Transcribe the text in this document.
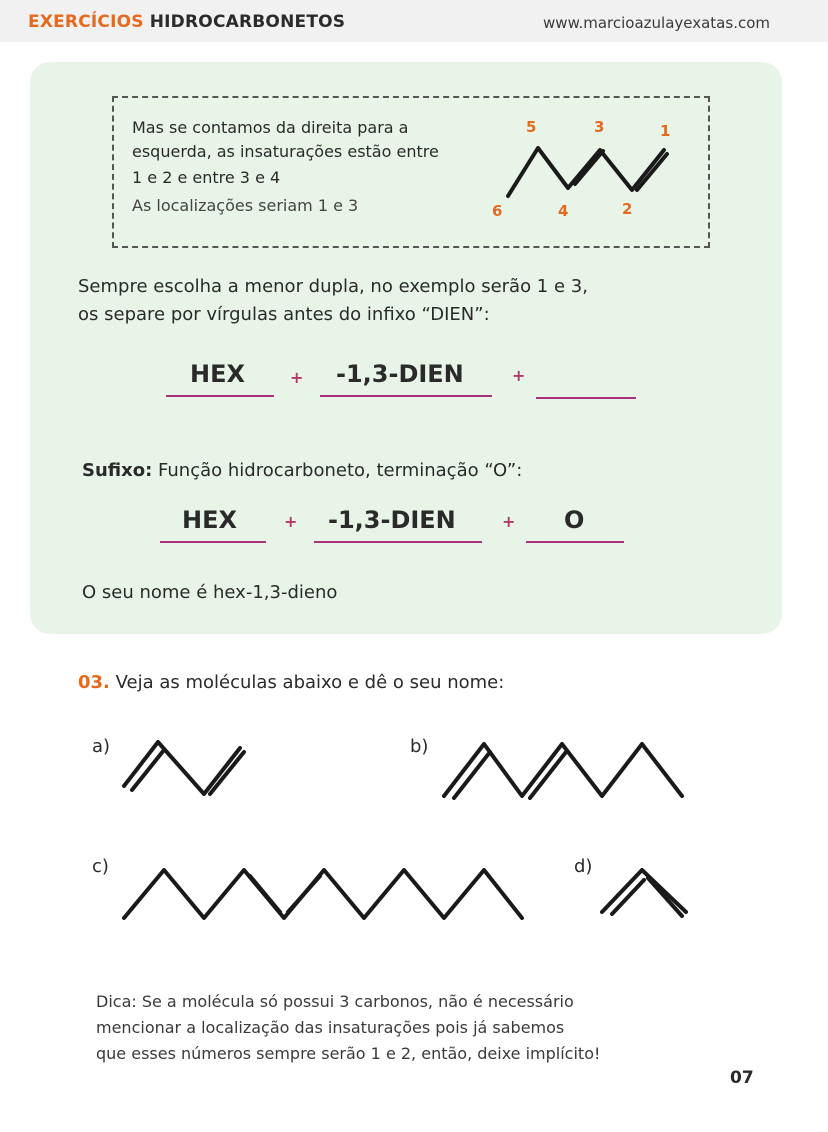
EXERCÍCIOS HIDROCARBONETOS	www.marcioazulayexatas.com
Mas se contamos da direita para a
esquerda, as insaturações estão entre
1 e 2 e entre 3 e 4
As localizações seriam 1 e 3
5	3	1
6	4	2
Sempre escolha a menor dupla, no exemplo serão 1 e 3,
os separe por vírgulas antes do infixo “DIEN”:
HEX	+ -1,3-DIEN	+
Sufixo: Função hidrocarboneto, terminação “O”:
HEX	+ -1,3-DIEN	+ O
O seu nome é hex-1,3-dieno
03. Veja as moléculas abaixo e dê o seu nome:
a)	b)
c)	d)
Dica: Se a molécula só possui 3 carbonos, não é necessário
mencionar a localização das insaturações pois já sabemos
que esses números sempre serão 1 e 2, então, deixe implícito!
07
